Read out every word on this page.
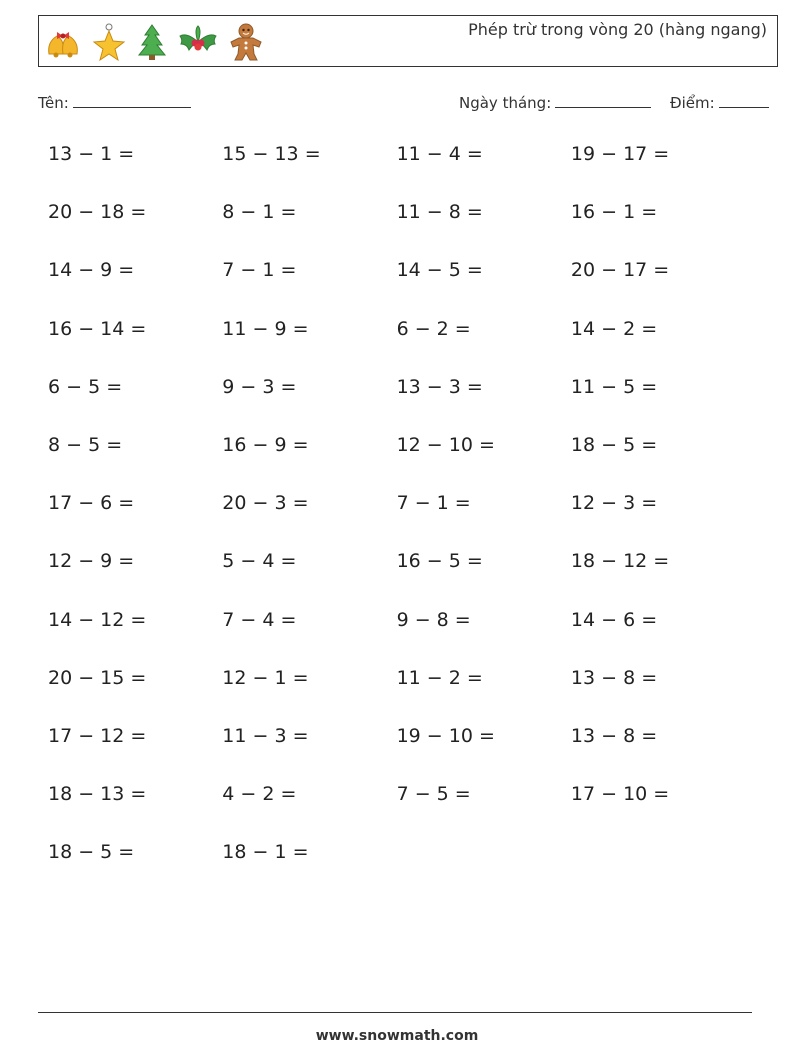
Phép trừ trong vòng 20 (hàng ngang)
Tên:	Ngày tháng:	Điểm:
13 − 1 =	15 − 13 =	11 − 4 =	19 − 17 =
20 − 18 =	8 − 1 =	11 − 8 =	16 − 1 =
14 − 9 =	7 − 1 =	14 − 5 =	20 − 17 =
16 − 14 =	11 − 9 =	6 − 2 =	14 − 2 =
6 − 5 =	9 − 3 =	13 − 3 =	11 − 5 =
8 − 5 =	16 − 9 =	12 − 10 =	18 − 5 =
17 − 6 =	20 − 3 =	7 − 1 =	12 − 3 =
12 − 9 =	5 − 4 =	16 − 5 =	18 − 12 =
14 − 12 =	7 − 4 =	9 − 8 =	14 − 6 =
20 − 15 =	12 − 1 =	11 − 2 =	13 − 8 =
17 − 12 =	11 − 3 =	19 − 10 =	13 − 8 =
18 − 13 =	4 − 2 =	7 − 5 =	17 − 10 =
18 − 5 =	18 − 1 =
www.snowmath.com
